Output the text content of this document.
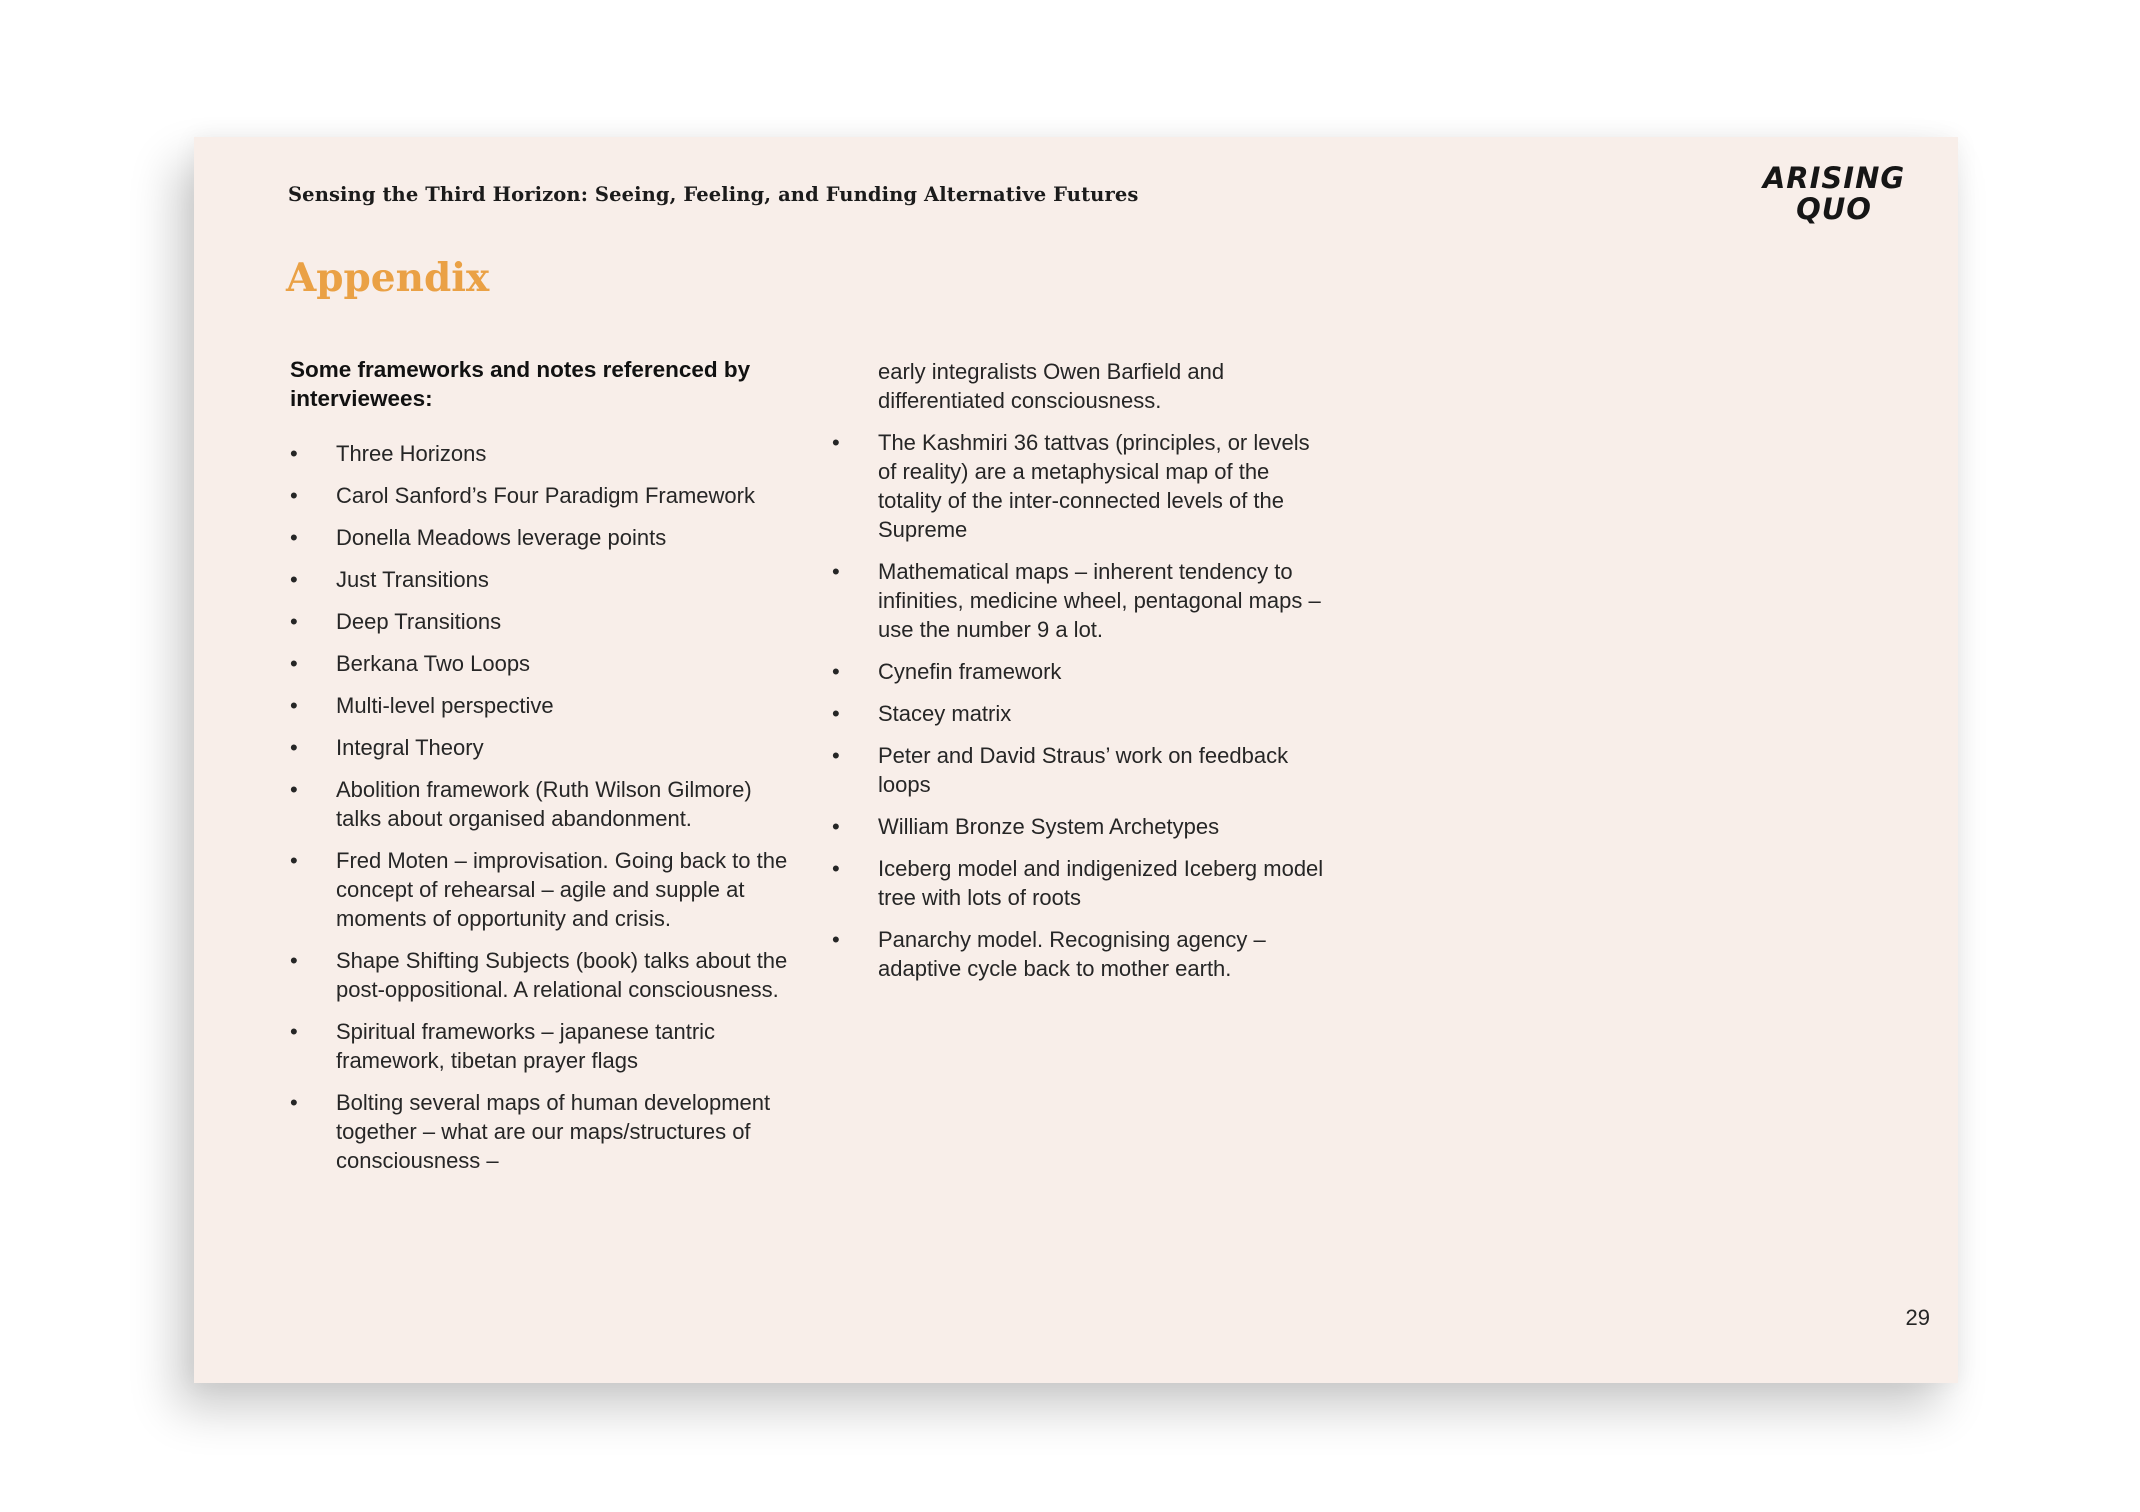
Sensing the Third Horizon: Seeing, Feeling, and Funding Alternative Futures	ARISING
QUO
Appendix

Some frameworks and notes referenced by interviewees:

• Three Horizons
• Carol Sanford’s Four Paradigm Framework
• Donella Meadows leverage points
• Just Transitions
• Deep Transitions
• Berkana Two Loops
• Multi-level perspective
• Integral Theory
• Abolition framework (Ruth Wilson Gilmore) talks about organised abandonment.
• Fred Moten – improvisation. Going back to the concept of rehearsal – agile and supple at moments of opportunity and crisis.
• Shape Shifting Subjects (book) talks about the post-oppositional. A relational consciousness.
• Spiritual frameworks – japanese tantric framework, tibetan prayer flags
• Bolting several maps of human development together – what are our maps/structures of consciousness –

early integralists Owen Barfield and differentiated consciousness.

• The Kashmiri 36 tattvas (principles, or levels of reality) are a metaphysical map of the totality of the inter-connected levels of the Supreme
• Mathematical maps – inherent tendency to infinities, medicine wheel, pentagonal maps – use the number 9 a lot.
• Cynefin framework
• Stacey matrix
• Peter and David Straus’ work on feedback loops
• William Bronze System Archetypes
• Iceberg model and indigenized Iceberg model tree with lots of roots
• Panarchy model. Recognising agency – adaptive cycle back to mother earth.
29
